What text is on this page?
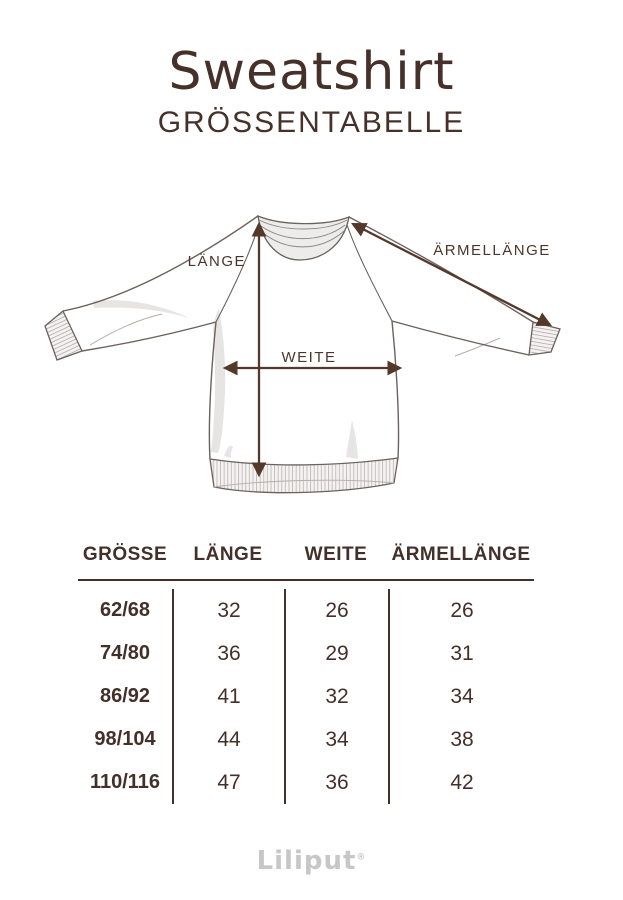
Sweatshirt
GRÖSSENTABELLE
LÄNGE
WEITE
ÄRMELLÄNGE
GRÖSSE	LÄNGE	WEITE	ÄRMELLÄNGE
62/68	32	26	26
74/80	36	29	31
86/92	41	32	34
98/104	44	34	38
110/116	47	36	42
Liliput®
